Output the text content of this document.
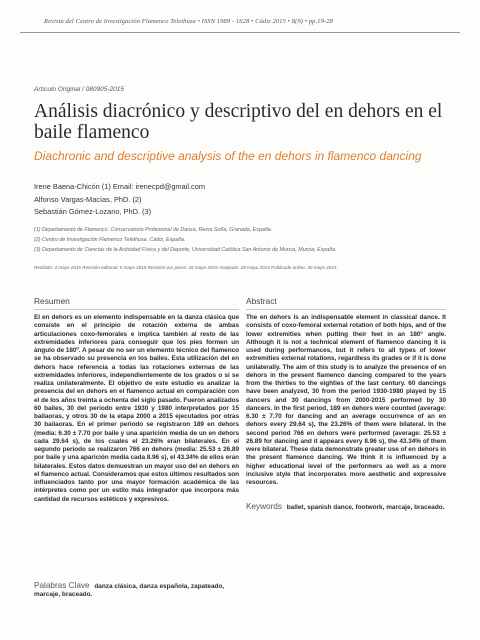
Revista del Centro de Investigación Flamenco Telethusa • ISSN 1989 - 1628 • Cádiz 2015 • 8(9) • pp.19-28
Artículo Original / 080905-2015
Análisis diacrónico y descriptivo del en dehors en el baile flamenco
Diachronic and descriptive analysis of the en dehors in flamenco dancing
Irene Baena-Chicón (1) Email: irenecpd@gmail.com
Alfonso Vargas-Macías, PhD. (2)
Sebastián Gómez-Lozano, PhD. (3)
(1) Departamento de Flamenco. Conservatorio Profesional de Danza, Reina Sofía, Granada, España.
(2) Centro de Investigación Flamenco Telethusa. Cádiz, España.
(3) Departamento de Ciencias de la Actividad Física y del Deporte, Universidad Católica San Antonio de Murcia, Murcia, España.
Recibido: 4 mayo 2015 Revisión editorial: 5 mayo 2015 Revisión por pares: 18 mayo 2015 Aceptado: 28 mayo 2015 Publicado online: 30 mayo 2015
Resumen
El en dehors es un elemento indispensable en la danza clásica que consiste en el principio de rotación externa de ambas articulaciones coxo-femorales e implica también al resto de las extremidades inferiores para conseguir que los pies formen un ángulo de 180º. A pesar de no ser un elemento técnico del flamenco se ha observado su presencia en los bailes. Esta utilización del en dehors hace referencia a todas las rotaciones externas de las extremidades inferiores, independientemente de los grados o si se realiza unilateralmente. El objetivo de este estudio es analizar la presencia del en dehors en el flamenco actual en comparación con el de los años treinta a ochenta del siglo pasado. Fueron analizados 60 bailes, 30 del periodo entre 1930 y 1980 interpretados por 15 bailaoras, y otros 30 de la etapa 2000 a 2015 ejecutados por otras 30 bailaoras. En el primer periodo se registraron 189 en dehors (media: 6.30 ± 7.70 por baile y una aparición media de un en dehors cada 29.64 s), de los cuales el 23.26% eran bilaterales. En el segundo periodo se realizaron 766 en dehors (media: 25.53 ± 26.89 por baile y una aparición media cada 8.96 s), el 43.34% de ellos eran bilaterales. Estos datos demuestran un mayor uso del en dehors en el flamenco actual. Consideramos que estos últimos resultados son influenciados tanto por una mayor formación académica de las intérpretes como por un estilo más integrador que incorpora más cantidad de recursos estéticos y expresivos.
Palabras Clave danza clásica, danza española, zapateado, marcaje, braceado.
Abstract
The en dehors is an indispensable element in classical dance. It consists of coxo-femoral external rotation of both hips, and of the lower extremities when putting their feet in an 180° angle. Although it is not a technical element of flamenco dancing it is used during performances, but it refers to all types of lower extremities external rotations, regardless its grades or if it is done unilaterally. The aim of this study is to analyze the presence of en dehors in the present flamenco dancing compared to the years from the thirties to the eighties of the last century. 60 dancings have been analyzed, 30 from the period 1930-1980 played by 15 dancers and 30 dancings from 2000-2015 performed by 30 dancers. In the first period, 189 en dehors were counted (average: 6.30 ± 7.70 for dancing and an average occurrence of an en dehors every 29.64 s), the 23.26% of them were bilateral. In the second period 766 en dehors were performed (average: 25.53 ± 26.89 for dancing and it appears every 8.96 s), the 43.34% of them were bilateral. These data demonstrate greater use of en dehors in the present flamenco dancing. We think it is influenced by a higher educational level of the performers as well as a more inclusive style that incorporates more aesthetic and expressive resources.
Keywords ballet, spanish dance, footwork, marcaje, braceado.
